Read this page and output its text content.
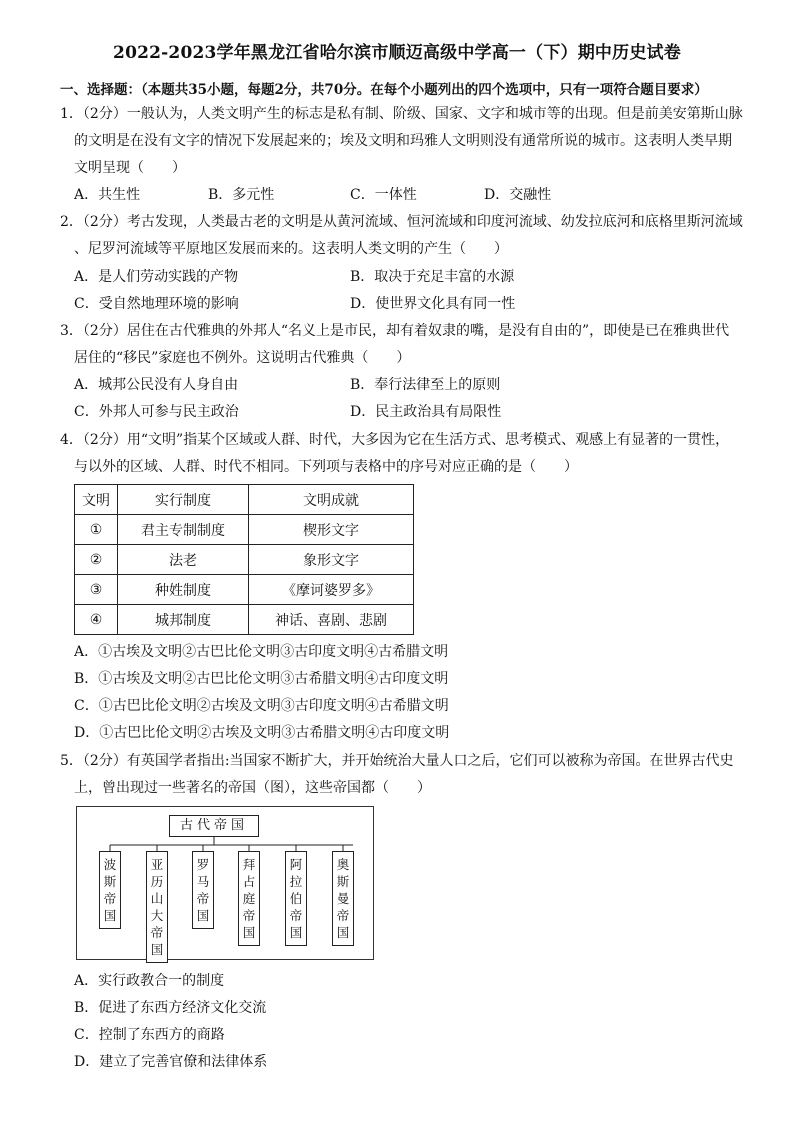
2022-2023学年黑龙江省哈尔滨市顺迈高级中学高一（下）期中历史试卷
一、选择题：（本题共35小题，每题2分，共70分。在每个小题列出的四个选项中，只有一项符合题目要求）
1．（2分）一般认为，人类文明产生的标志是私有制、阶级、国家、文字和城市等的出现。但是前美安第斯山脉
的文明是在没有文字的情况下发展起来的；埃及文明和玛雅人文明则没有通常所说的城市。这表明人类早期
文明呈现（　　）
A．共生性	B．多元性	C．一体性	D．交融性
2．（2分）考古发现，人类最古老的文明是从黄河流域、恒河流域和印度河流域、幼发拉底河和底格里斯河流域
、尼罗河流域等平原地区发展而来的。这表明人类文明的产生（　　）
A．是人们劳动实践的产物	B．取决于充足丰富的水源
C．受自然地理环境的影响	D．使世界文化具有同一性
3．（2分）居住在古代雅典的外邦人“名义上是市民，却有着奴隶的嘴，是没有自由的”，即使是已在雅典世代
居住的“移民”家庭也不例外。这说明古代雅典（　　）
A．城邦公民没有人身自由	B．奉行法律至上的原则
C．外邦人可参与民主政治	D．民主政治具有局限性
4．（2分）用“文明”指某个区域或人群、时代，大多因为它在生活方式、思考模式、观感上有显著的一贯性，
与以外的区域、人群、时代不相同。下列项与表格中的序号对应正确的是（　　）
文明	实行制度	文明成就
①	君主专制制度	楔形文字
②	法老	象形文字
③	种姓制度	《摩诃婆罗多》
④	城邦制度	神话、喜剧、悲剧
A．①古埃及文明②古巴比伦文明③古印度文明④古希腊文明
B．①古埃及文明②古巴比伦文明③古希腊文明④古印度文明
C．①古巴比伦文明②古埃及文明③古印度文明④古希腊文明
D．①古巴比伦文明②古埃及文明③古希腊文明④古印度文明
5．（2分）有英国学者指出:当国家不断扩大，并开始统治大量人口之后，它们可以被称为帝国。在世界古代史
上，曾出现过一些著名的帝国（图），这些帝国都（　　）
古代帝国
波斯帝国
亚历山大帝国
罗马帝国
拜占庭帝国
阿拉伯帝国
奥斯曼帝国
A．实行政教合一的制度
B．促进了东西方经济文化交流
C．控制了东西方的商路
D．建立了完善官僚和法律体系
